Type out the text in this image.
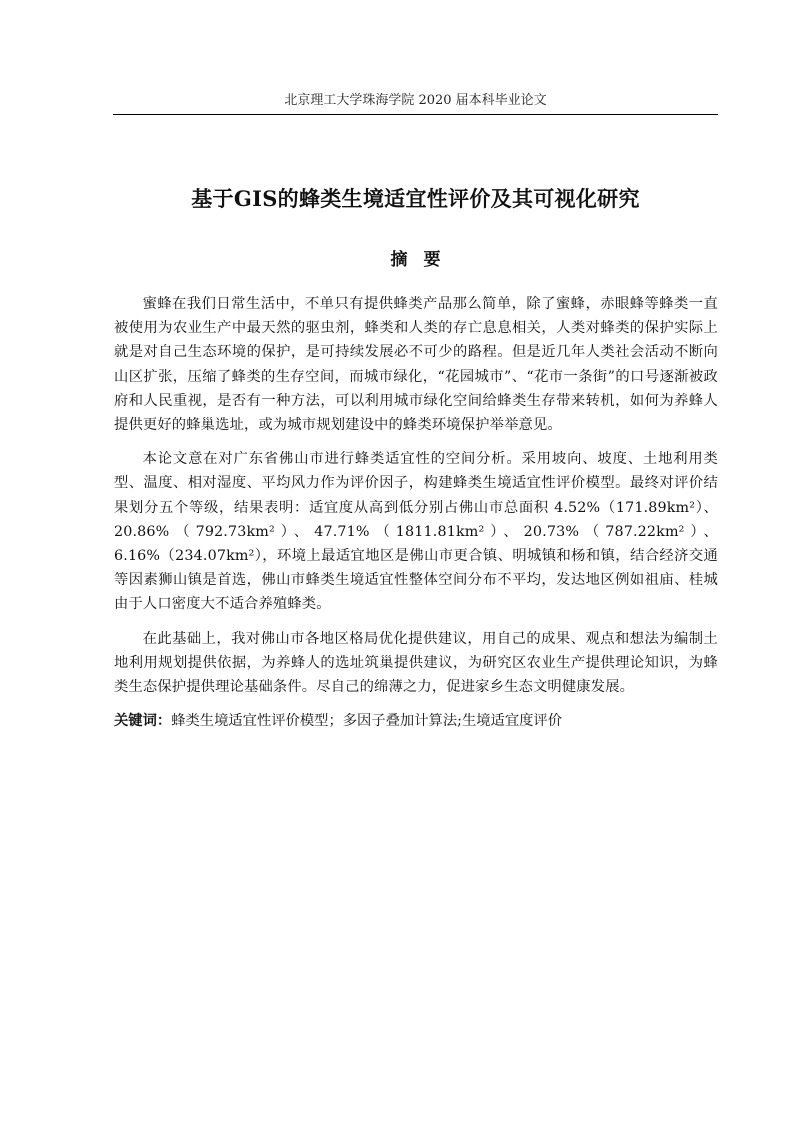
北京理工大学珠海学院 2020 届本科毕业论文
基于GIS的蜂类生境适宜性评价及其可视化研究
摘要

蜜蜂在我们日常生活中，不单只有提供蜂类产品那么简单，除了蜜蜂，赤眼蜂等蜂类一直被使用为农业生产中最天然的驱虫剂，蜂类和人类的存亡息息相关，人类对蜂类的保护实际上就是对自己生态环境的保护，是可持续发展必不可少的路程。但是近几年人类社会活动不断向山区扩张，压缩了蜂类的生存空间，而城市绿化，“花园城市”、“花市一条街”的口号逐渐被政府和人民重视，是否有一种方法，可以利用城市绿化空间给蜂类生存带来转机，如何为养蜂人提供更好的蜂巢选址，或为城市规划建设中的蜂类环境保护举举意见。

本论文意在对广东省佛山市进行蜂类适宜性的空间分析。采用坡向、坡度、土地利用类型、温度、相对湿度、平均风力作为评价因子，构建蜂类生境适宜性评价模型。最终对评价结果划分五个等级，结果表明：适宜度从高到低分别占佛山市总面积 4.52%（171.89km²）、20.86%（792.73km²）、47.71%（1811.81km²）、20.73%（787.22km²）、6.16%（234.07km²），环境上最适宜地区是佛山市更合镇、明城镇和杨和镇，结合经济交通等因素狮山镇是首选，佛山市蜂类生境适宜性整体空间分布不平均，发达地区例如祖庙、桂城由于人口密度大不适合养殖蜂类。

在此基础上，我对佛山市各地区格局优化提供建议，用自己的成果、观点和想法为编制土地利用规划提供依据，为养蜂人的选址筑巢提供建议，为研究区农业生产提供理论知识，为蜂类生态保护提供理论基础条件。尽自己的绵薄之力，促进家乡生态文明健康发展。

关键词：蜂类生境适宜性评价模型；多因子叠加计算法;生境适宜度评价
